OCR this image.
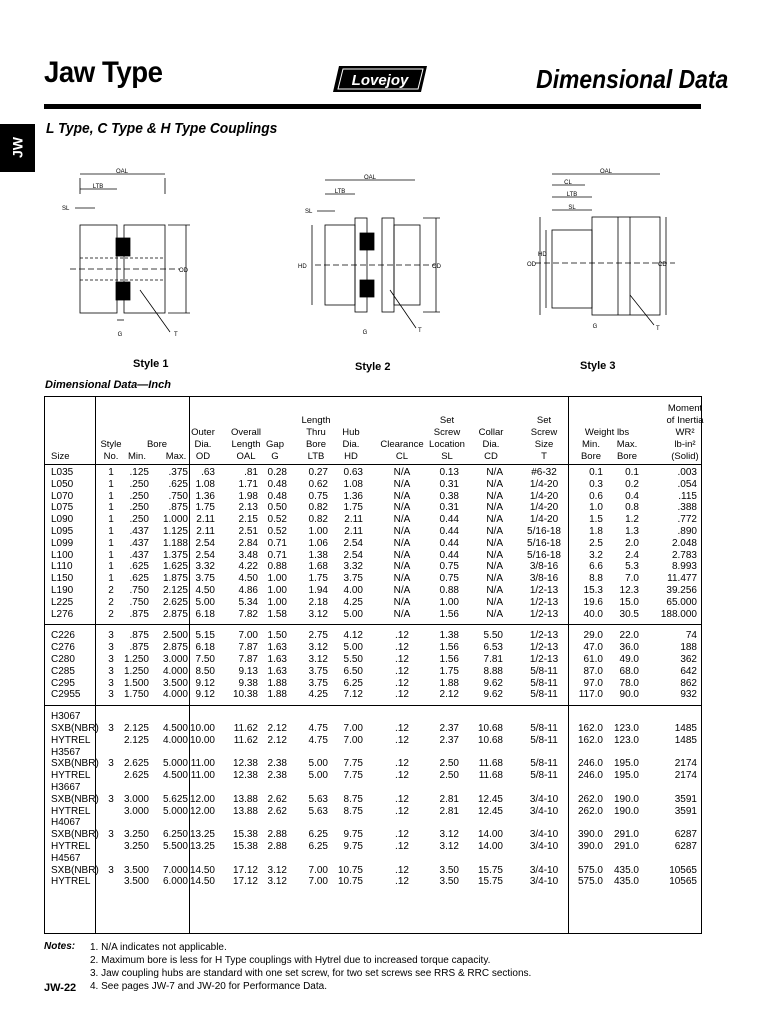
Jaw Type	Lovejoy	Dimensional Data
JW
L Type, C Type & H Type Couplings
OAL
LTB
SL
OD
G	T
OAL
LTB
SL
HD	OD
G	T
OAL
CL
LTB
SL
OD
HD
CD
G	T
Style 1	Style 2	Style 3
Dimensional Data—Inch
Size
Style
No. Min. Max.
Outer
Dia.
OD
Overall
Length
OAL
Gap
G
Length
Thru
Bore
LTB
Hub
Dia.
HD
Clearance
CL
Set
Screw
Location
SL
Collar
Dia.
CD
Set
Screw
Size
T
Min.
Bore
Max.
Bore
Moment
of Inertia
WR²
lb-in²
(Solid)
Bore
Weight lbs
L035	1 .125 .375 .63	.81 0.28 0.27 0.63	N/A	0.13	N/A	#6-32	0.1 0.1	.003
L050	1 .250 .625 1.08 1.71 0.48 0.62 1.08	N/A	0.31	N/A	1/4-20	0.3 0.2	.054
L070	1 .250 .750 1.36 1.98 0.48 0.75 1.36	N/A	0.38	N/A	1/4-20	0.6 0.4	.115
L075	1 .250 .875 1.75 2.13 0.50 0.82 1.75	N/A	0.31	N/A	1/4-20	1.0 0.8	.388
L090	1 .250 1.000 2.11 2.15 0.52 0.82 2.11	N/A	0.44	N/A	1/4-20	1.5 1.2	.772
L095	1 .437 1.125 2.11 2.51 0.52 1.00 2.11	N/A	0.44	N/A 5/16-18	1.8 1.3	.890
L099	1 .437 1.188 2.54 2.84 0.71 1.06 2.54	N/A	0.44	N/A 5/16-18	2.5 2.0	2.048
L100	1 .437 1.375 2.54 3.48 0.71 1.38 2.54	N/A	0.44	N/A 5/16-18	3.2 2.4	2.783
L110	1 .625 1.625 3.32 4.22 0.88 1.68 3.32	N/A	0.75	N/A	3/8-16	6.6 5.3	8.993
L150	1 .625 1.875 3.75 4.50 1.00 1.75 3.75	N/A	0.75	N/A	3/8-16	8.8 7.0	11.477
L190	2 .750 2.125 4.50 4.86 1.00 1.94 4.00	N/A	0.88	N/A	1/2-13	15.3 12.3	39.256
L225	2 .750 2.625 5.00 5.34 1.00 2.18 4.25	N/A	1.00	N/A	1/2-13	19.6 15.0	65.000
L276	2 .875 2.875 6.18 7.82 1.58 3.12 5.00	N/A	1.56	N/A	1/2-13	40.0 30.5 188.000
C226	3 .875 2.500 5.15 7.00 1.50 2.75 4.12	.12	1.38 5.50	1/2-13	29.0 22.0	74
C276	3 .875 2.875 6.18 7.87 1.63 3.12 5.00	.12	1.56 6.53	1/2-13	47.0 36.0	188
C280	3 1.250 3.000 7.50 7.87 1.63 3.12 5.50	.12	1.56 7.81	1/2-13	61.0 49.0	362
C285	3 1.250 4.000 8.50 9.13 1.63 3.75 6.50	.12	1.75 8.88	5/8-11	87.0 68.0	642
C295	3 1.500 3.500 9.12 9.38 1.88 3.75 6.25	.12	1.88 9.62	5/8-11	97.0 78.0	862
C2955	3 1.750 4.000 9.12 10.38 1.88 4.25 7.12	.12	2.12 9.62	5/8-11 117.0 90.0	932
H3067
SXB(NBR) 3 2.125 4.500 10.00 11.62 2.12 4.75 7.00	.12	2.37 10.68	5/8-11 162.0 123.0	1485
HYTREL	2.125 4.000 10.00 11.62 2.12 4.75 7.00	.12	2.37 10.68	5/8-11 162.0 123.0	1485
H3567
SXB(NBR) 3 2.625 5.000 11.00 12.38 2.38 5.00 7.75	.12	2.50 11.68	5/8-11 246.0 195.0	2174
HYTREL	2.625 4.500 11.00 12.38 2.38 5.00 7.75	.12	2.50 11.68	5/8-11 246.0 195.0	2174
H3667
SXB(NBR) 3 3.000 5.625 12.00 13.88 2.62 5.63 8.75	.12	2.81 12.45	3/4-10 262.0 190.0	3591
HYTREL	3.000 5.000 12.00 13.88 2.62 5.63 8.75	.12	2.81 12.45	3/4-10 262.0 190.0	3591
H4067
SXB(NBR) 3 3.250 6.250 13.25 15.38 2.88 6.25 9.75	.12	3.12 14.00	3/4-10 390.0 291.0	6287
HYTREL	3.250 5.500 13.25 15.38 2.88 6.25 9.75	.12	3.12 14.00	3/4-10 390.0 291.0	6287
H4567
SXB(NBR) 3 3.500 7.000 14.50 17.12 3.12 7.00 10.75	.12	3.50 15.75	3/4-10 575.0 435.0	10565
HYTREL	3.500 6.000 14.50 17.12 3.12 7.00 10.75	.12	3.50 15.75	3/4-10 575.0 435.0	10565
Notes: 1. N/A indicates not applicable.
2. Maximum bore is less for H Type couplings with Hytrel due to increased torque capacity.
3. Jaw coupling hubs are standard with one set screw, for two set screws see RRS & RRC sections.
4. See pages JW-7 and JW-20 for Performance Data.
JW-22
